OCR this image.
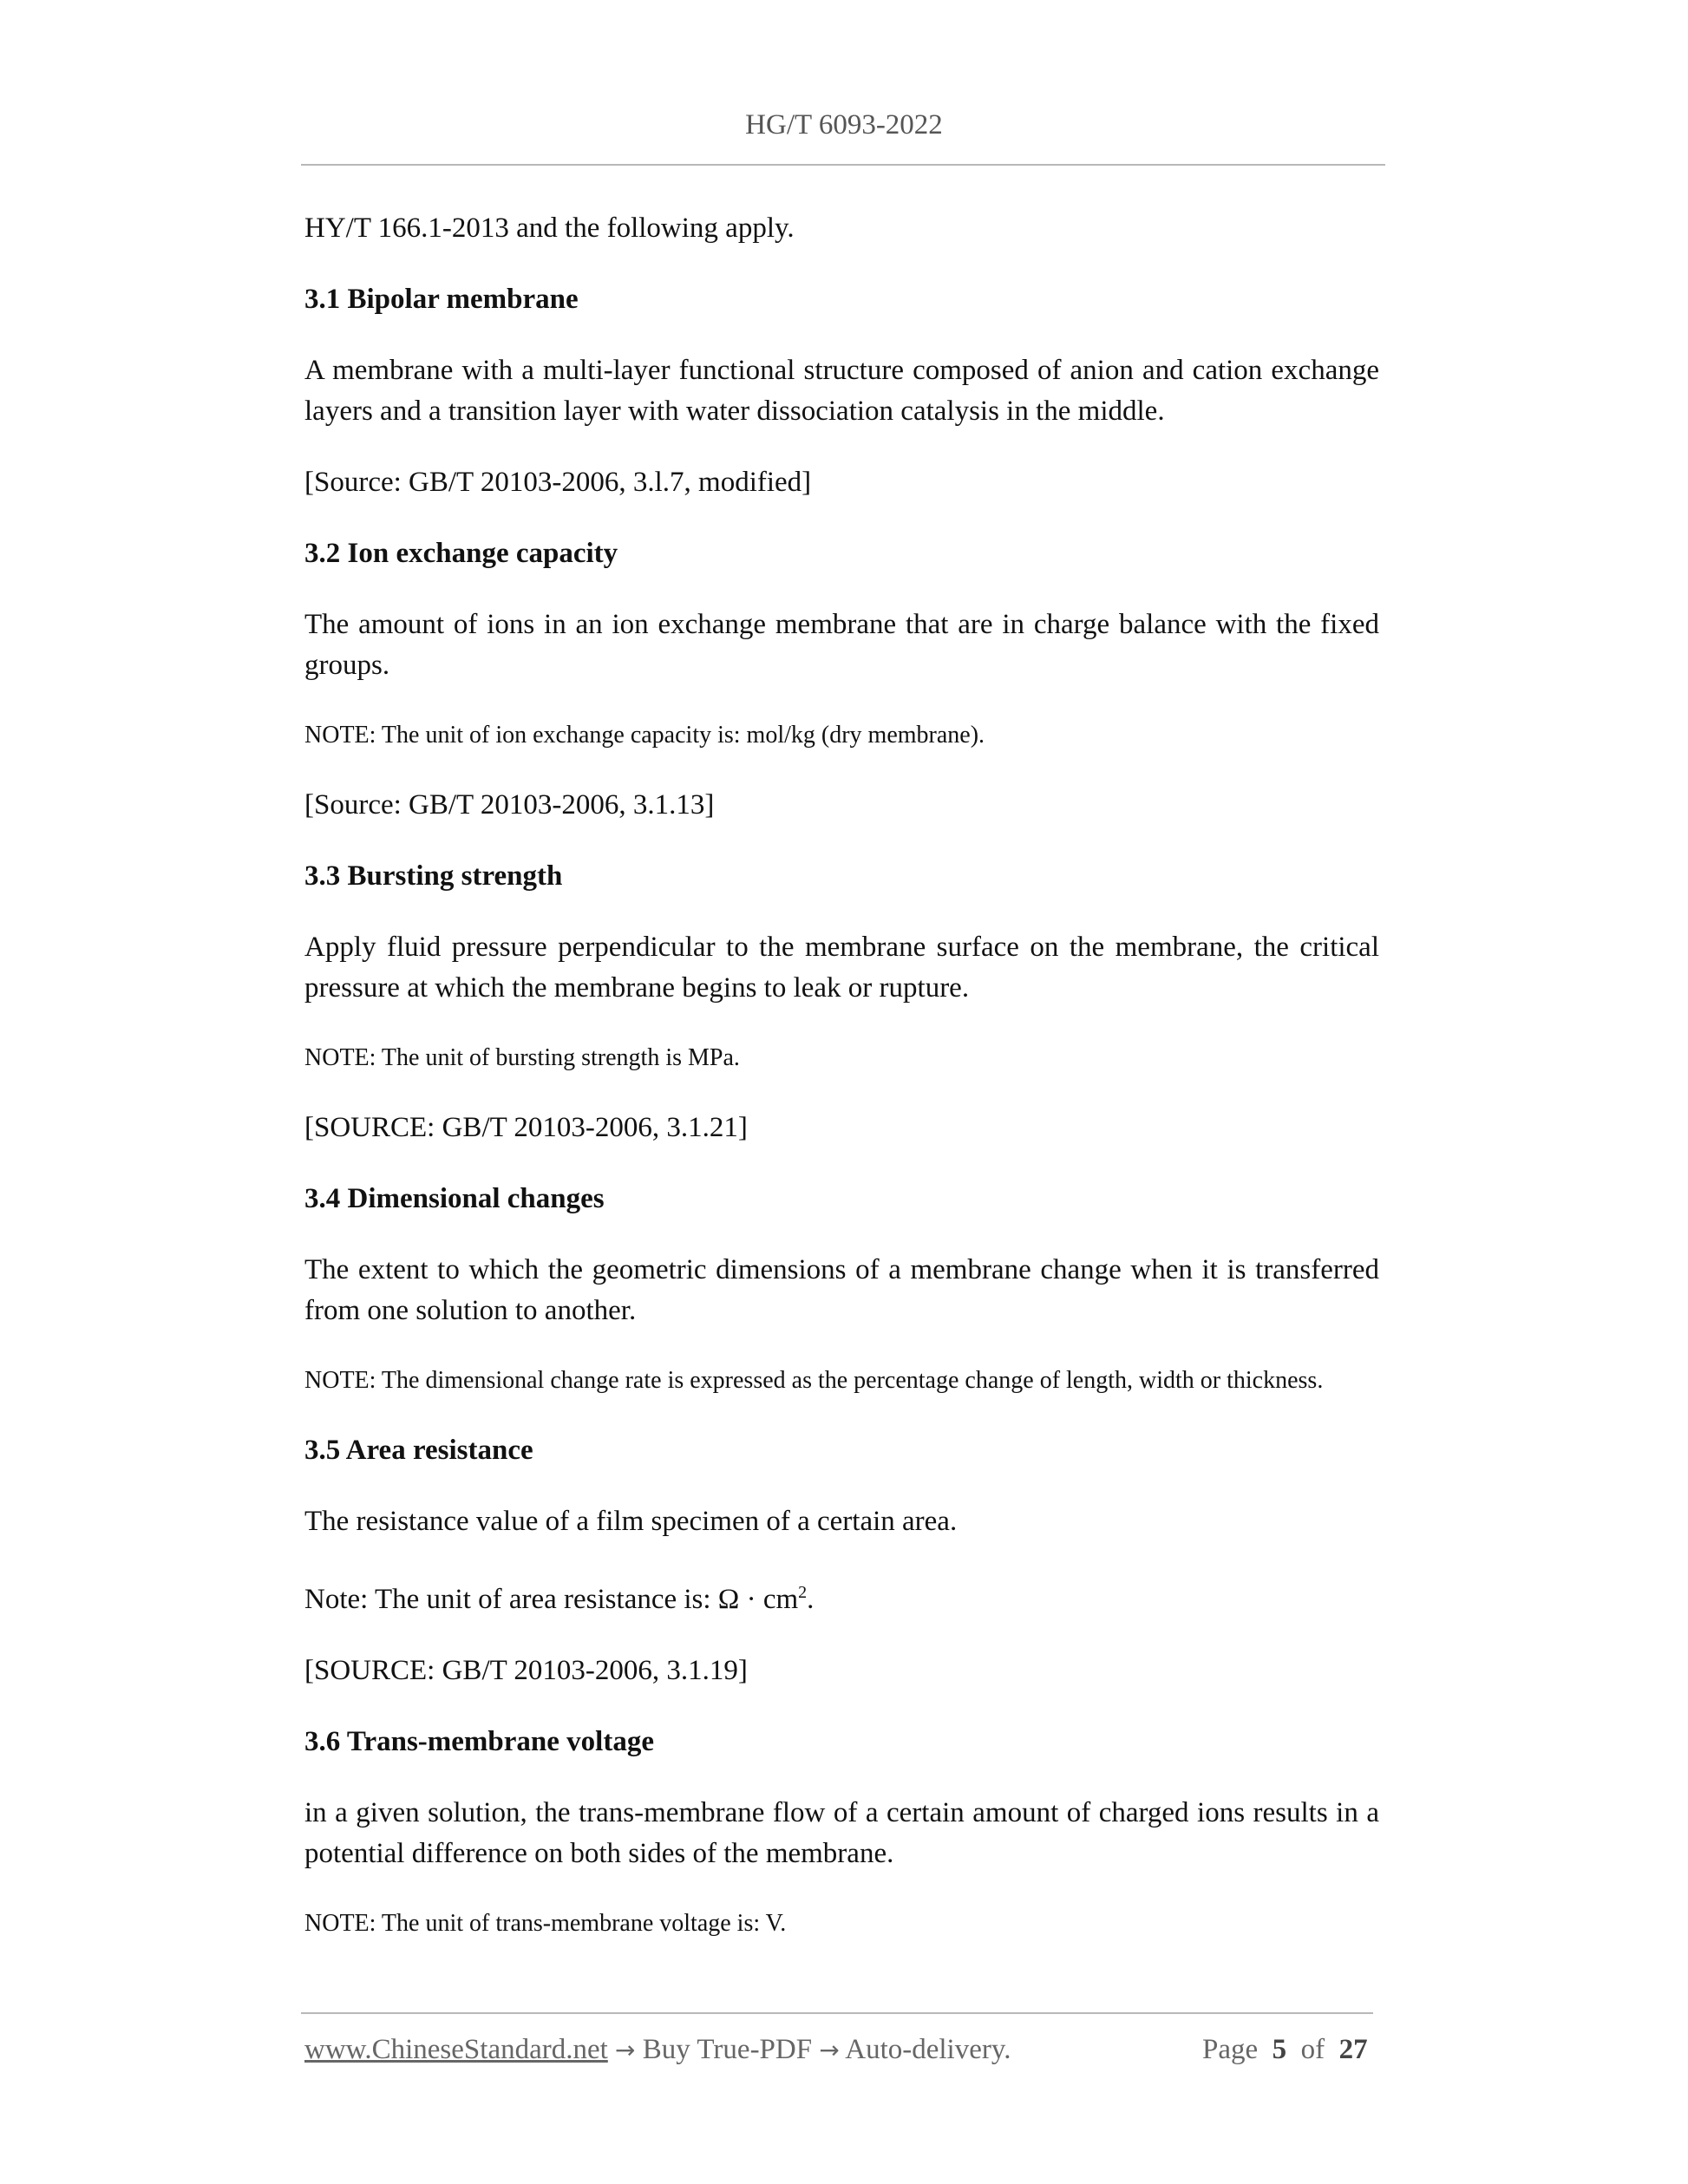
HG/T 6093-2022

HY/T 166.1-2013 and the following apply.

3.1 Bipolar membrane

A membrane with a multi-layer functional structure composed of anion and cation exchange layers and a transition layer with water dissociation catalysis in the middle.

[Source: GB/T 20103-2006, 3.l.7, modified]

3.2 Ion exchange capacity

The amount of ions in an ion exchange membrane that are in charge balance with the fixed groups.

NOTE: The unit of ion exchange capacity is: mol/kg (dry membrane).

[Source: GB/T 20103-2006, 3.1.13]

3.3 Bursting strength

Apply fluid pressure perpendicular to the membrane surface on the membrane, the critical pressure at which the membrane begins to leak or rupture.

NOTE: The unit of bursting strength is MPa.

[SOURCE: GB/T 20103-2006, 3.1.21]

3.4 Dimensional changes

The extent to which the geometric dimensions of a membrane change when it is transferred from one solution to another.

NOTE: The dimensional change rate is expressed as the percentage change of length, width or thickness.

3.5 Area resistance

The resistance value of a film specimen of a certain area.

Note: The unit of area resistance is: $\Omega \cdot cm^2$.

[SOURCE: GB/T 20103-2006, 3.1.19]

3.6 Trans-membrane voltage

in a given solution, the trans-membrane flow of a certain amount of charged ions results in a potential difference on both sides of the membrane.

NOTE: The unit of trans-membrane voltage is: V.

www.ChineseStandard.net → Buy True-PDF → Auto-delivery.	Page 5 of 27
